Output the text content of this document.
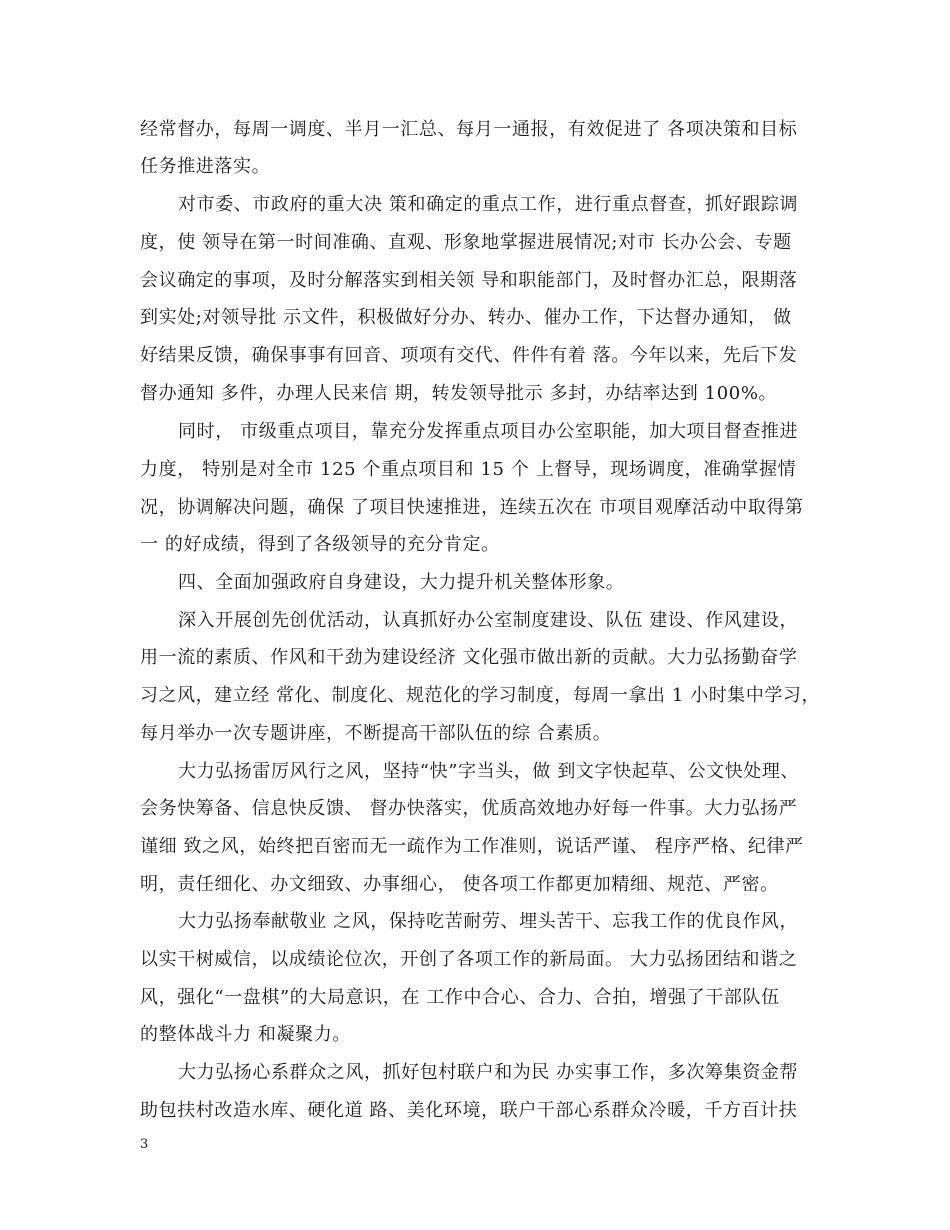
经常督办，每周一调度、半月一汇总、每月一通报，有效促进了 各项决策和目标
任务推进落实。
对市委、市政府的重大决 策和确定的重点工作，进行重点督查，抓好跟踪调
度，使 领导在第一时间准确、直观、形象地掌握进展情况;对市 长办公会、专题
会议确定的事项，及时分解落实到相关领 导和职能部门，及时督办汇总，限期落
到实处;对领导批 示文件，积极做好分办、转办、催办工作，下达督办通知， 做
好结果反馈，确保事事有回音、项项有交代、件件有着 落。今年以来，先后下发
督办通知 多件，办理人民来信 期，转发领导批示 多封，办结率达到 100%。
同时， 市级重点项目，靠充分发挥重点项目办公室职能，加大项目督查推进
力度， 特别是对全市 125 个重点项目和 15 个 上督导，现场调度，准确掌握情
况，协调解决问题，确保 了项目快速推进，连续五次在 市项目观摩活动中取得第
一 的好成绩，得到了各级领导的充分肯定。
四、全面加强政府自身建设，大力提升机关整体形象。
深入开展创先创优活动，认真抓好办公室制度建设、队伍 建设、作风建设，
用一流的素质、作风和干劲为建设经济 文化强市做出新的贡献。大力弘扬勤奋学
习之风，建立经 常化、制度化、规范化的学习制度，每周一拿出 1 小时集中学习，
每月举办一次专题讲座，不断提高干部队伍的综 合素质。
大力弘扬雷厉风行之风，坚持“快”字当头，做 到文字快起草、公文快处理、
会务快筹备、信息快反馈、 督办快落实，优质高效地办好每一件事。大力弘扬严
谨细 致之风，始终把百密而无一疏作为工作准则，说话严谨、 程序严格、纪律严
明，责任细化、办文细致、办事细心， 使各项工作都更加精细、规范、严密。
大力弘扬奉献敬业 之风，保持吃苦耐劳、埋头苦干、忘我工作的优良作风，
以实干树威信，以成绩论位次，开创了各项工作的新局面。 大力弘扬团结和谐之
风，强化“一盘棋”的大局意识，在 工作中合心、合力、合拍，增强了干部队伍
的整体战斗力 和凝聚力。
大力弘扬心系群众之风，抓好包村联户和为民 办实事工作，多次筹集资金帮
助包扶村改造水库、硬化道 路、美化环境，联户干部心系群众冷暖，千方百计扶
3
